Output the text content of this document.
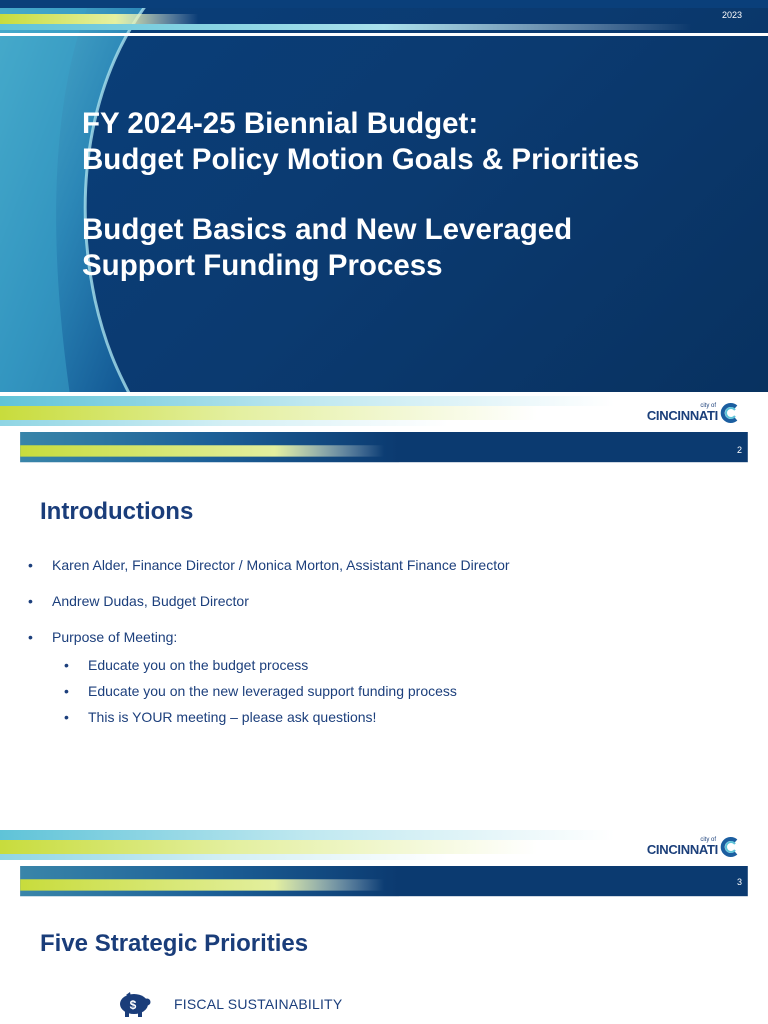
2023
FY 2024-25 Biennial Budget:
Budget Policy Motion Goals & Priorities
Budget Basics and New Leveraged
Support Funding Process
city of
CINCINNATI
2
Introductions
•	Karen Alder, Finance Director / Monica Morton, Assistant Finance Director
•	Andrew Dudas, Budget Director
•	Purpose of Meeting:
•	Educate you on the budget process
•	Educate you on the new leveraged support funding process
•	This is YOUR meeting – please ask questions!
city of
CINCINNATI
3
Five Strategic Priorities
$	FISCAL SUSTAINABILITY
